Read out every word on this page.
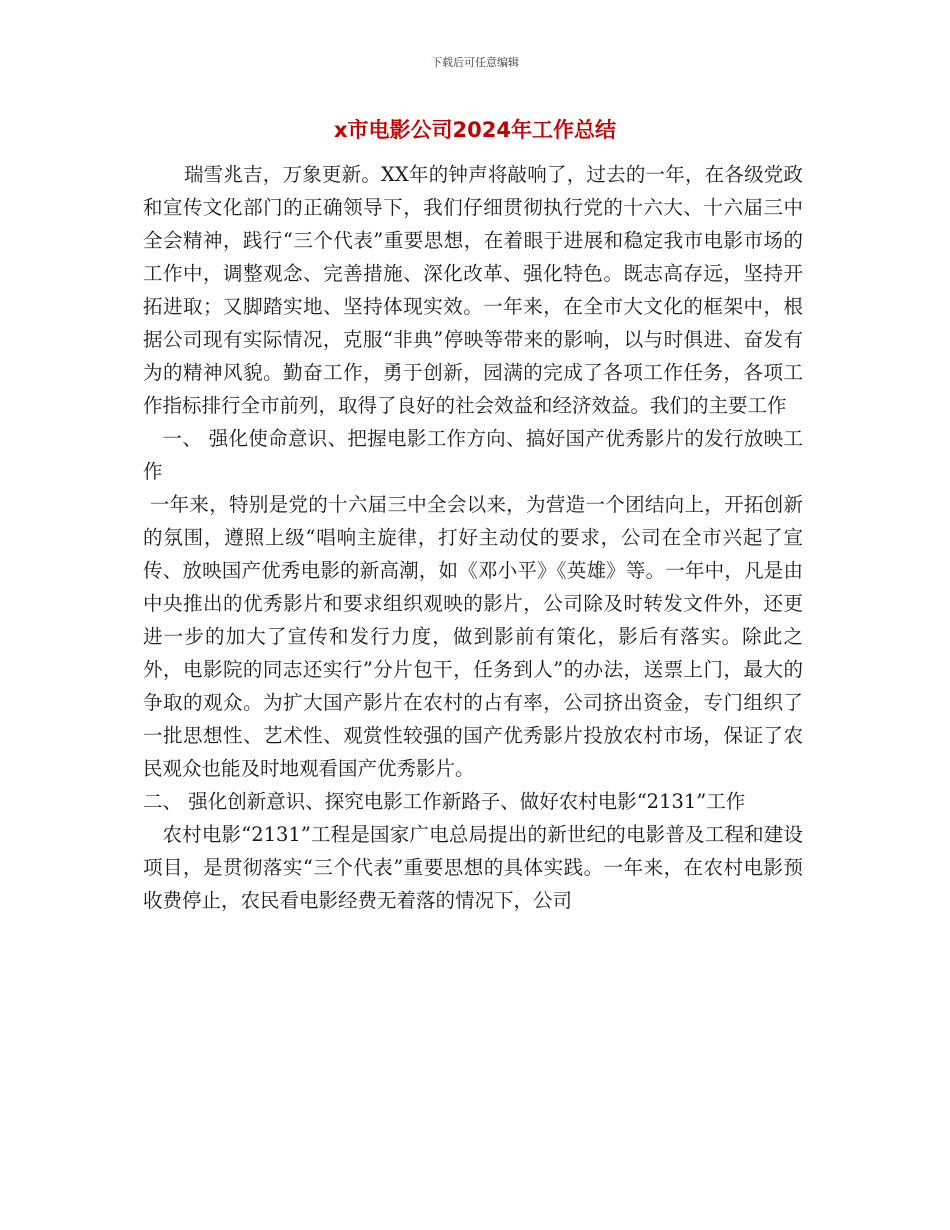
下载后可任意编辑
x市电影公司2024年工作总结

瑞雪兆吉，万象更新。XX年的钟声将敲响了，过去的一年，在各级党政和宣传文化部门的正确领导下，我们仔细贯彻执行党的十六大、十六届三中全会精神，践行“三个代表”重要思想，在着眼于进展和稳定我市电影市场的工作中，调整观念、完善措施、深化改革、强化特色。既志高存远，坚持开拓进取；又脚踏实地、坚持体现实效。一年来，在全市大文化的框架中，根据公司现有实际情况，克服“非典”停映等带来的影响，以与时俱进、奋发有为的精神风貌。勤奋工作，勇于创新，园满的完成了各项工作任务，各项工作指标排行全市前列，取得了良好的社会效益和经济效益。我们的主要工作

一、 强化使命意识、把握电影工作方向、搞好国产优秀影片的发行放映工作

一年来，特别是党的十六届三中全会以来，为营造一个团结向上，开拓创新的氛围，遵照上级“唱响主旋律，打好主动仗的要求，公司在全市兴起了宣传、放映国产优秀电影的新高潮，如《邓小平》《英雄》等。一年中，凡是由中央推出的优秀影片和要求组织观映的影片，公司除及时转发文件外，还更进一步的加大了宣传和发行力度，做到影前有策化，影后有落实。除此之外，电影院的同志还实行”分片包干，任务到人”的办法，送票上门，最大的争取的观众。为扩大国产影片在农村的占有率，公司挤出资金，专门组织了一批思想性、艺术性、观赏性较强的国产优秀影片投放农村市场，保证了农民观众也能及时地观看国产优秀影片。

二、 强化创新意识、探究电影工作新路子、做好农村电影“2131”工作

农村电影“2131”工程是国家广电总局提出的新世纪的电影普及工程和建设项目，是贯彻落实“三个代表”重要思想的具体实践。一年来，在农村电影预收费停止，农民看电影经费无着落的情况下，公司
